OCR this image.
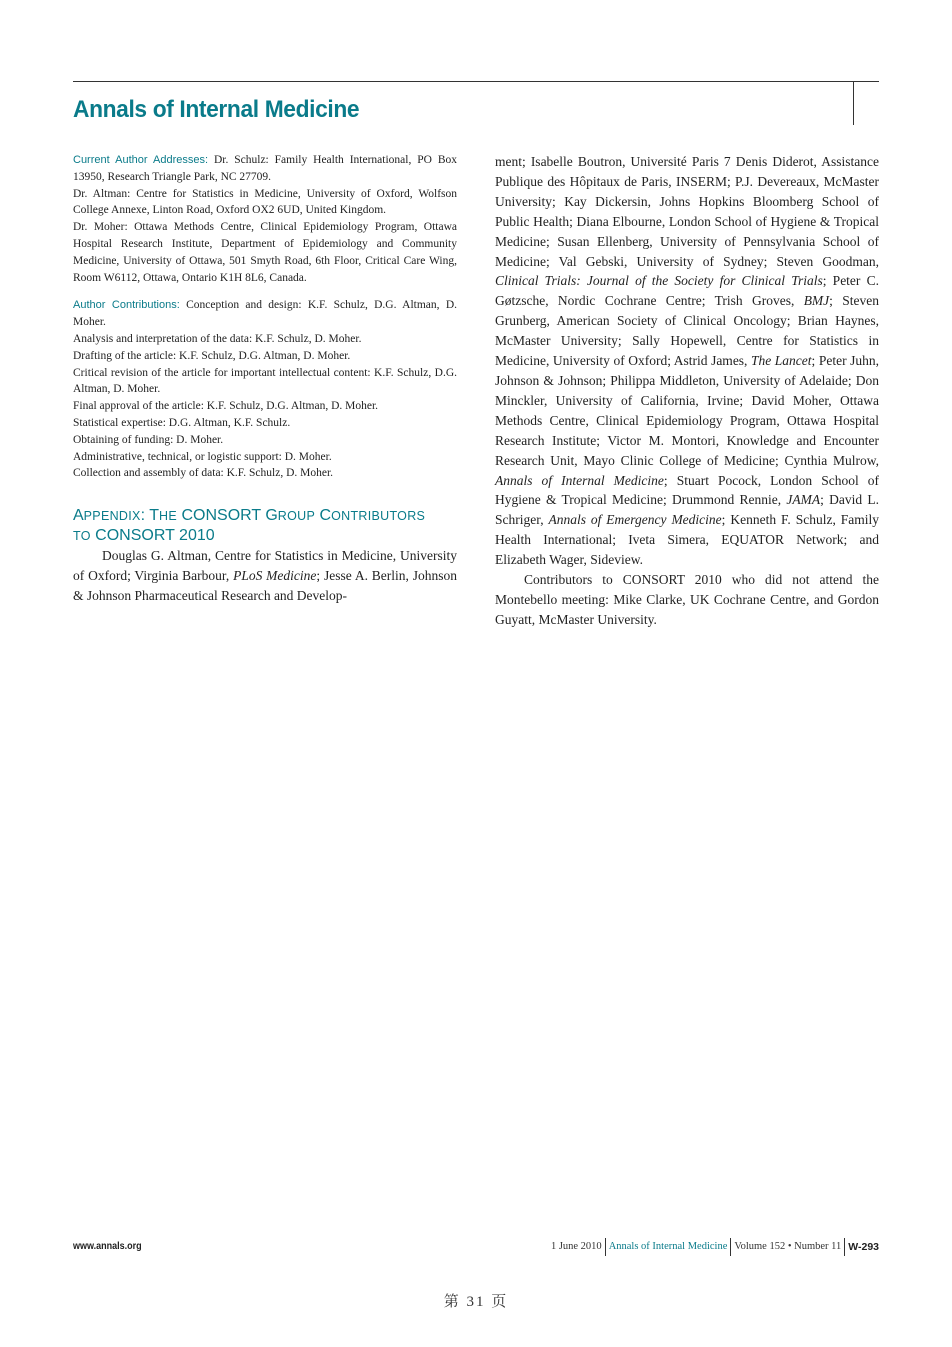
Annals of Internal Medicine

Current Author Addresses: Dr. Schulz: Family Health International, PO Box 13950, Research Triangle Park, NC 27709.

Dr. Altman: Centre for Statistics in Medicine, University of Oxford, Wolfson College Annexe, Linton Road, Oxford OX2 6UD, United Kingdom.

Dr. Moher: Ottawa Methods Centre, Clinical Epidemiology Program, Ottawa Hospital Research Institute, Department of Epidemiology and Community Medicine, University of Ottawa, 501 Smyth Road, 6th Floor, Critical Care Wing, Room W6112, Ottawa, Ontario K1H 8L6, Canada.

Author Contributions: Conception and design: K.F. Schulz, D.G. Altman, D. Moher.

Analysis and interpretation of the data: K.F. Schulz, D. Moher.

Drafting of the article: K.F. Schulz, D.G. Altman, D. Moher.

Critical revision of the article for important intellectual content: K.F. Schulz, D.G. Altman, D. Moher.

Final approval of the article: K.F. Schulz, D.G. Altman, D. Moher.

Statistical expertise: D.G. Altman, K.F. Schulz.

Obtaining of funding: D. Moher.

Administrative, technical, or logistic support: D. Moher.

Collection and assembly of data: K.F. Schulz, D. Moher.

APPENDIX: THE CONSORT GROUP CONTRIBUTORS
TO CONSORT 2010

Douglas G. Altman, Centre for Statistics in Medicine, University of Oxford; Virginia Barbour, PLoS Medicine; Jesse A. Berlin, Johnson & Johnson Pharmaceutical Research and Develop-

ment; Isabelle Boutron, Université Paris 7 Denis Diderot, Assistance Publique des Hôpitaux de Paris, INSERM; P.J. Devereaux, McMaster University; Kay Dickersin, Johns Hopkins Bloomberg School of Public Health; Diana Elbourne, London School of Hygiene & Tropical Medicine; Susan Ellenberg, University of Pennsylvania School of Medicine; Val Gebski, University of Sydney; Steven Goodman, Clinical Trials: Journal of the Society for Clinical Trials; Peter C. Gøtzsche, Nordic Cochrane Centre; Trish Groves, BMJ; Steven Grunberg, American Society of Clinical Oncology; Brian Haynes, McMaster University; Sally Hopewell, Centre for Statistics in Medicine, University of Oxford; Astrid James, The Lancet; Peter Juhn, Johnson & Johnson; Philippa Middleton, University of Adelaide; Don Minckler, University of California, Irvine; David Moher, Ottawa Methods Centre, Clinical Epidemiology Program, Ottawa Hospital Research Institute; Victor M. Montori, Knowledge and Encounter Research Unit, Mayo Clinic College of Medicine; Cynthia Mulrow, Annals of Internal Medicine; Stuart Pocock, London School of Hygiene & Tropical Medicine; Drummond Rennie, JAMA; David L. Schriger, Annals of Emergency Medicine; Kenneth F. Schulz, Family Health International; Iveta Simera, EQUATOR Network; and Elizabeth Wager, Sideview.

Contributors to CONSORT 2010 who did not attend the Montebello meeting: Mike Clarke, UK Cochrane Centre, and Gordon Guyatt, McMaster University.

www.annals.org	1 June 2010 Annals of Internal Medicine Volume 152 • Number 11 W-293
第 31 页
